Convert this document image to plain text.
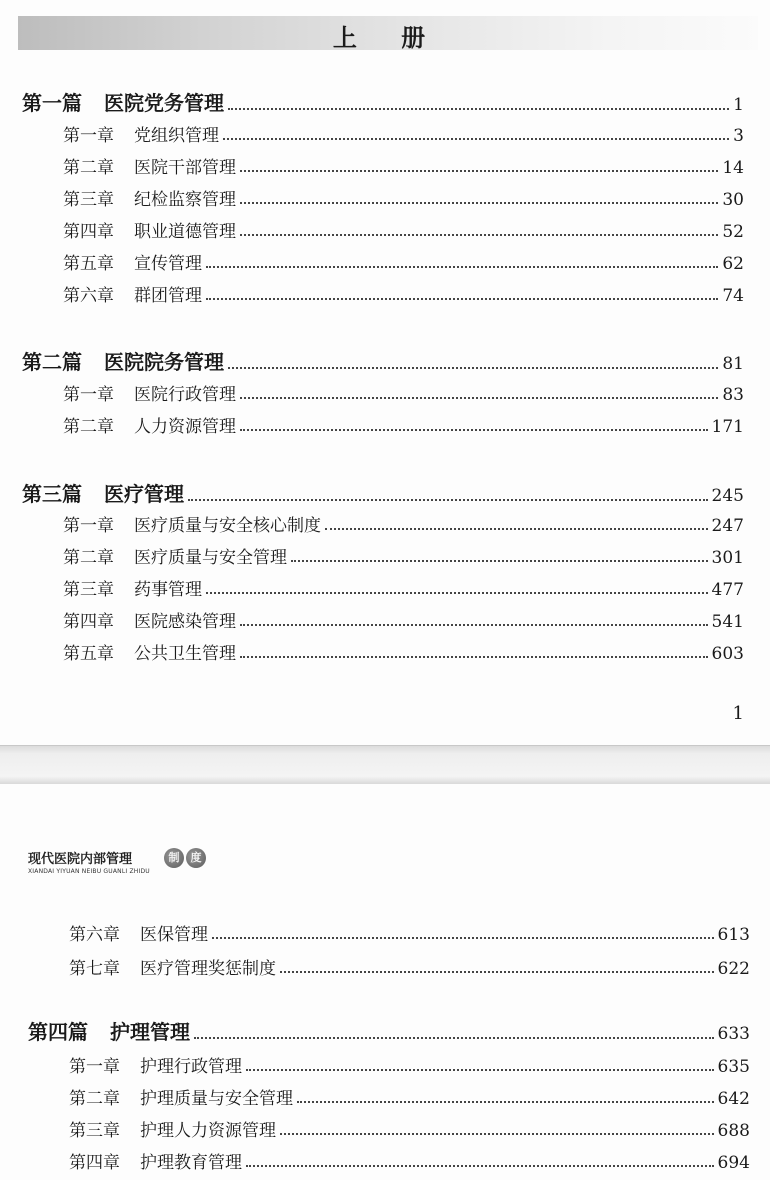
上 册
第一篇 医院党务管理	1
第一章 党组织管理	3
第二章 医院干部管理	14
第三章 纪检监察管理	30
第四章 职业道德管理	52
第五章 宣传管理	62
第六章 群团管理	74
第二篇 医院院务管理	81
第一章 医院行政管理	83
第二章 人力资源管理	171
第三篇 医疗管理	245
第一章 医疗质量与安全核心制度	247
第二章 医疗质量与安全管理	301
第三章 药事管理	477
第四章 医院感染管理	541
第五章 公共卫生管理	603
1
现代医院内部管理
XIANDAI YIYUAN NEIBU GUANLI ZHIDU
制	度
第六章 医保管理	613
第七章 医疗管理奖惩制度	622
第四篇 护理管理	633
第一章 护理行政管理	635
第二章 护理质量与安全管理	642
第三章 护理人力资源管理	688
第四章 护理教育管理	694
